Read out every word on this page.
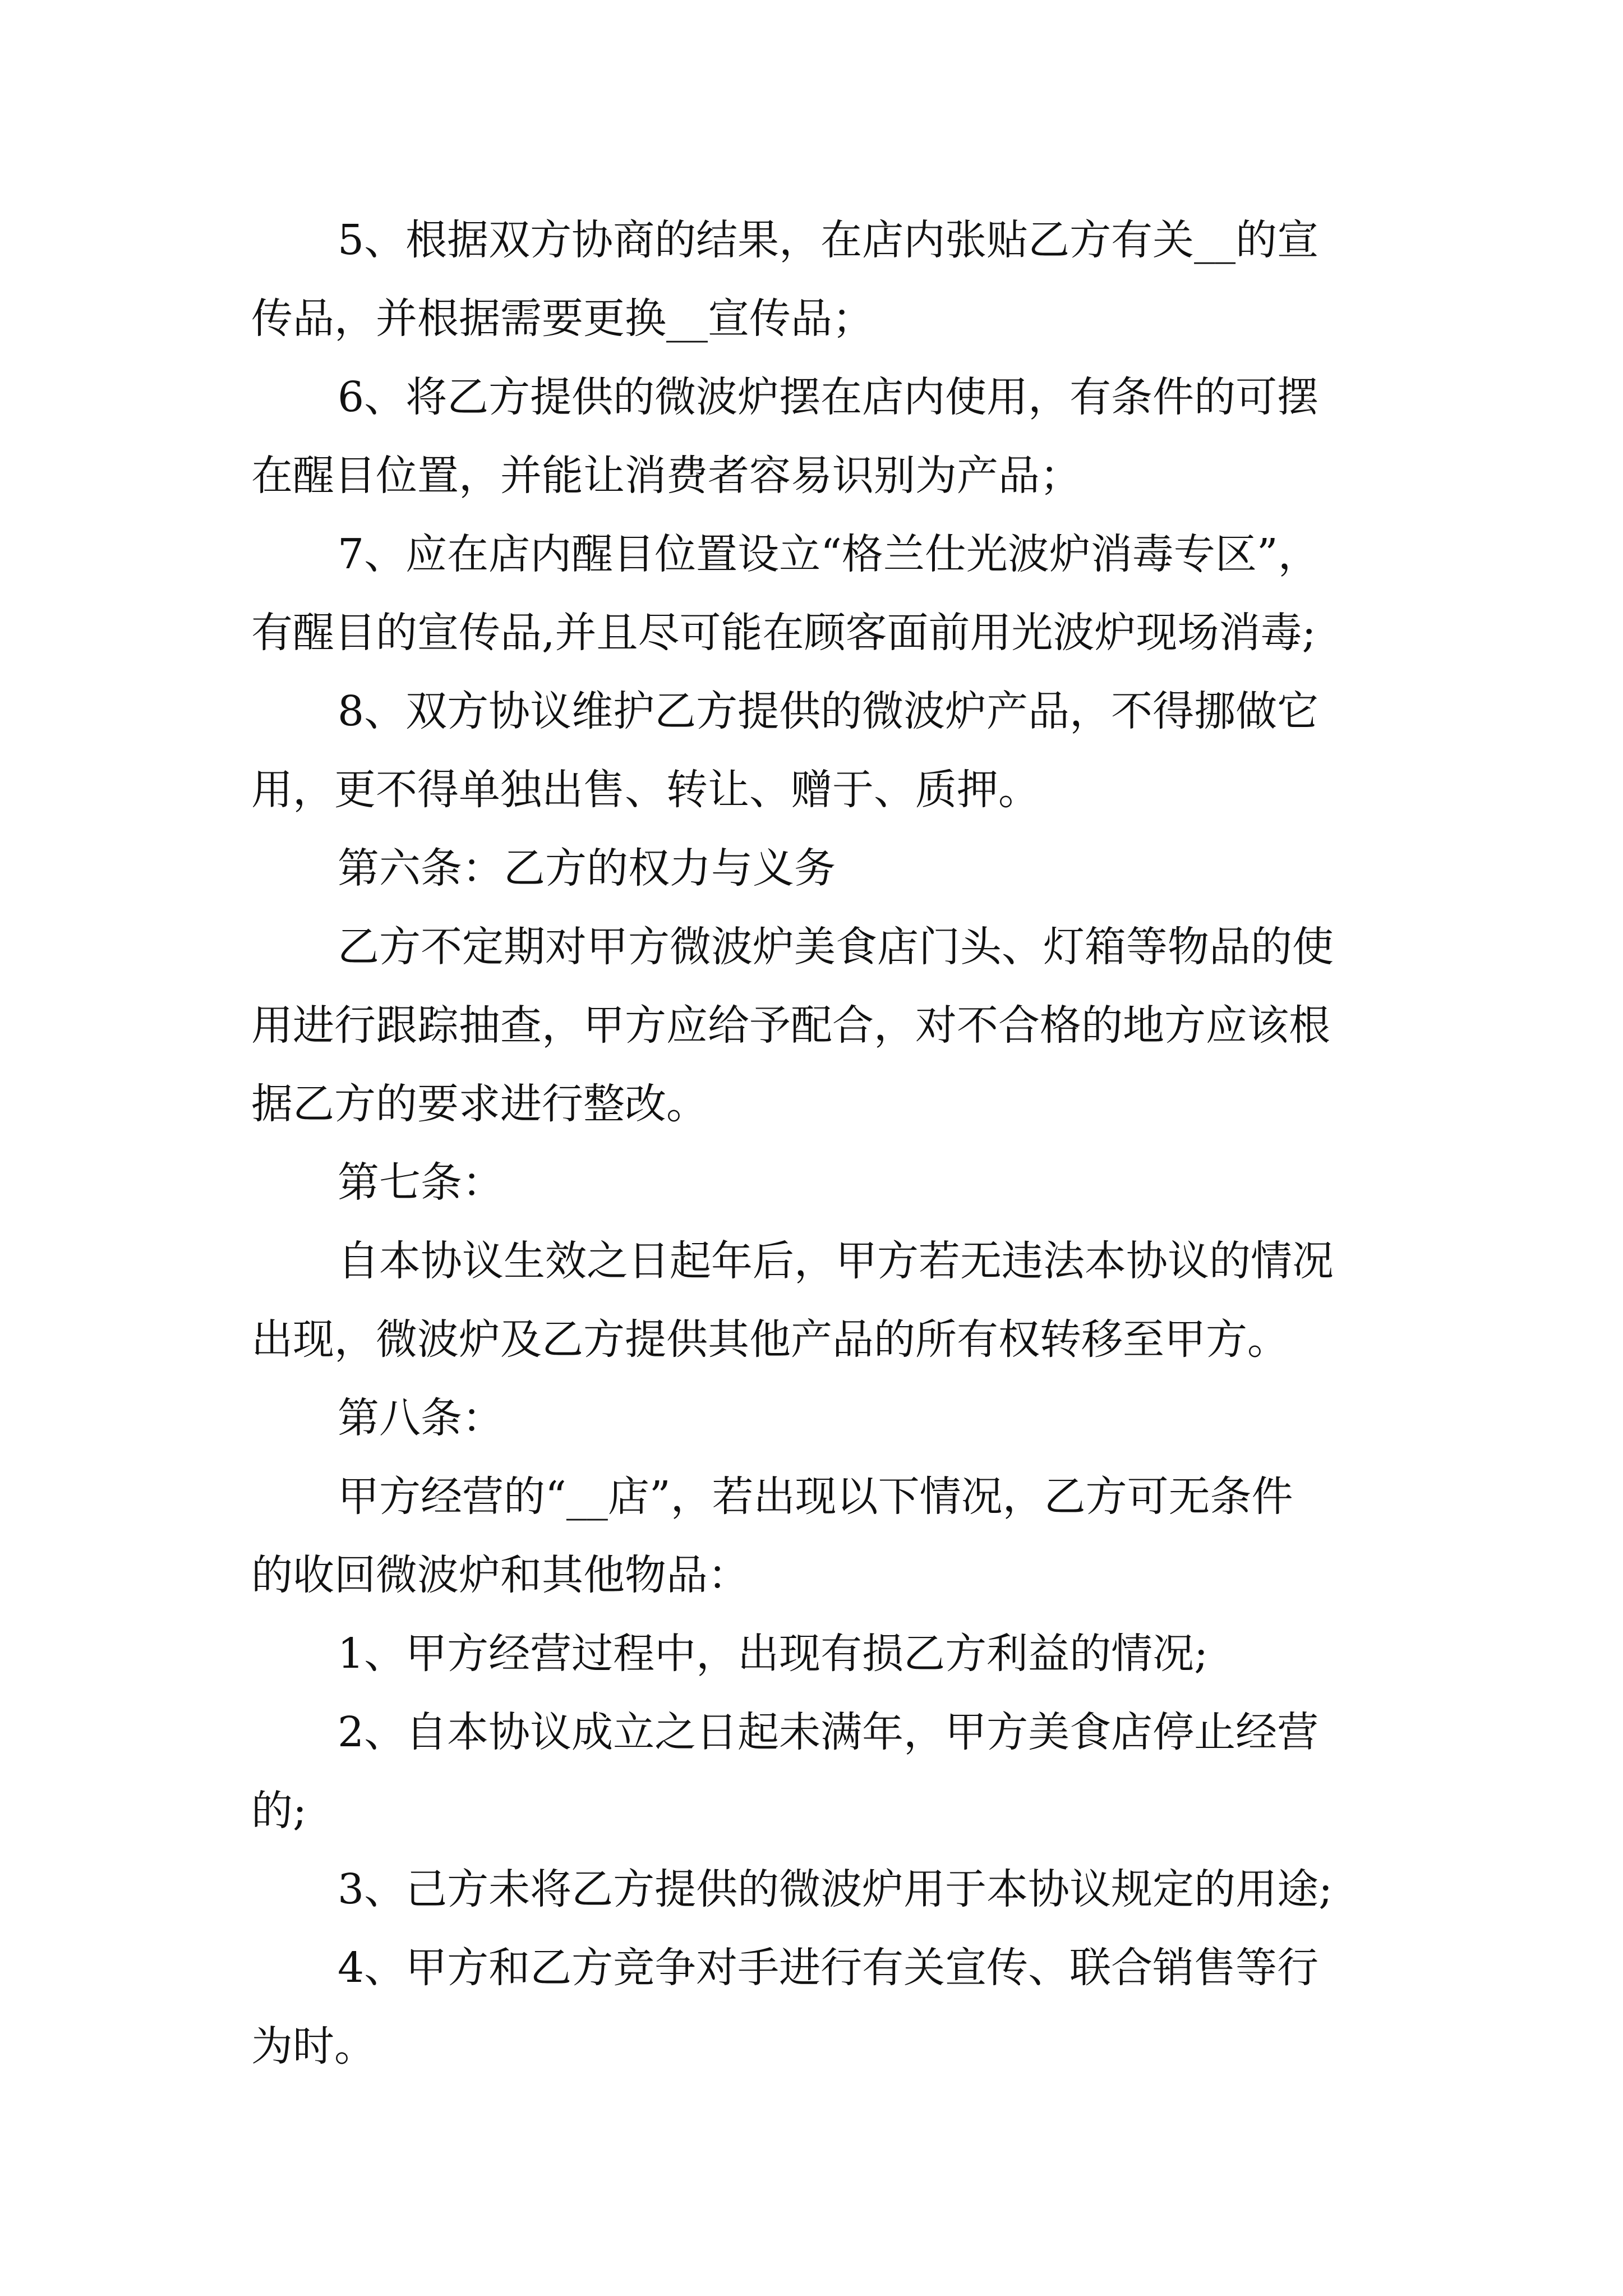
5、根据双方协商的结果，在店内张贴乙方有关__的宣
传品，并根据需要更换__宣传品；
6、将乙方提供的微波炉摆在店内使用，有条件的可摆
在醒目位置，并能让消费者容易识别为产品；
7、应在店内醒目位置设立“格兰仕光波炉消毒专区”，
有醒目的宣传品,并且尽可能在顾客面前用光波炉现场消毒;
8、双方协议维护乙方提供的微波炉产品，不得挪做它
用，更不得单独出售、转让、赠于、质押。
第六条：乙方的权力与义务
乙方不定期对甲方微波炉美食店门头、灯箱等物品的使
用进行跟踪抽查，甲方应给予配合，对不合格的地方应该根
据乙方的要求进行整改。
第七条：
自本协议生效之日起年后，甲方若无违法本协议的情况
出现，微波炉及乙方提供其他产品的所有权转移至甲方。
第八条：
甲方经营的“__店”，若出现以下情况，乙方可无条件
的收回微波炉和其他物品：
1、甲方经营过程中，出现有损乙方利益的情况;
2、自本协议成立之日起未满年，甲方美食店停止经营
的;
3、己方未将乙方提供的微波炉用于本协议规定的用途;
4、甲方和乙方竞争对手进行有关宣传、联合销售等行
为时。
